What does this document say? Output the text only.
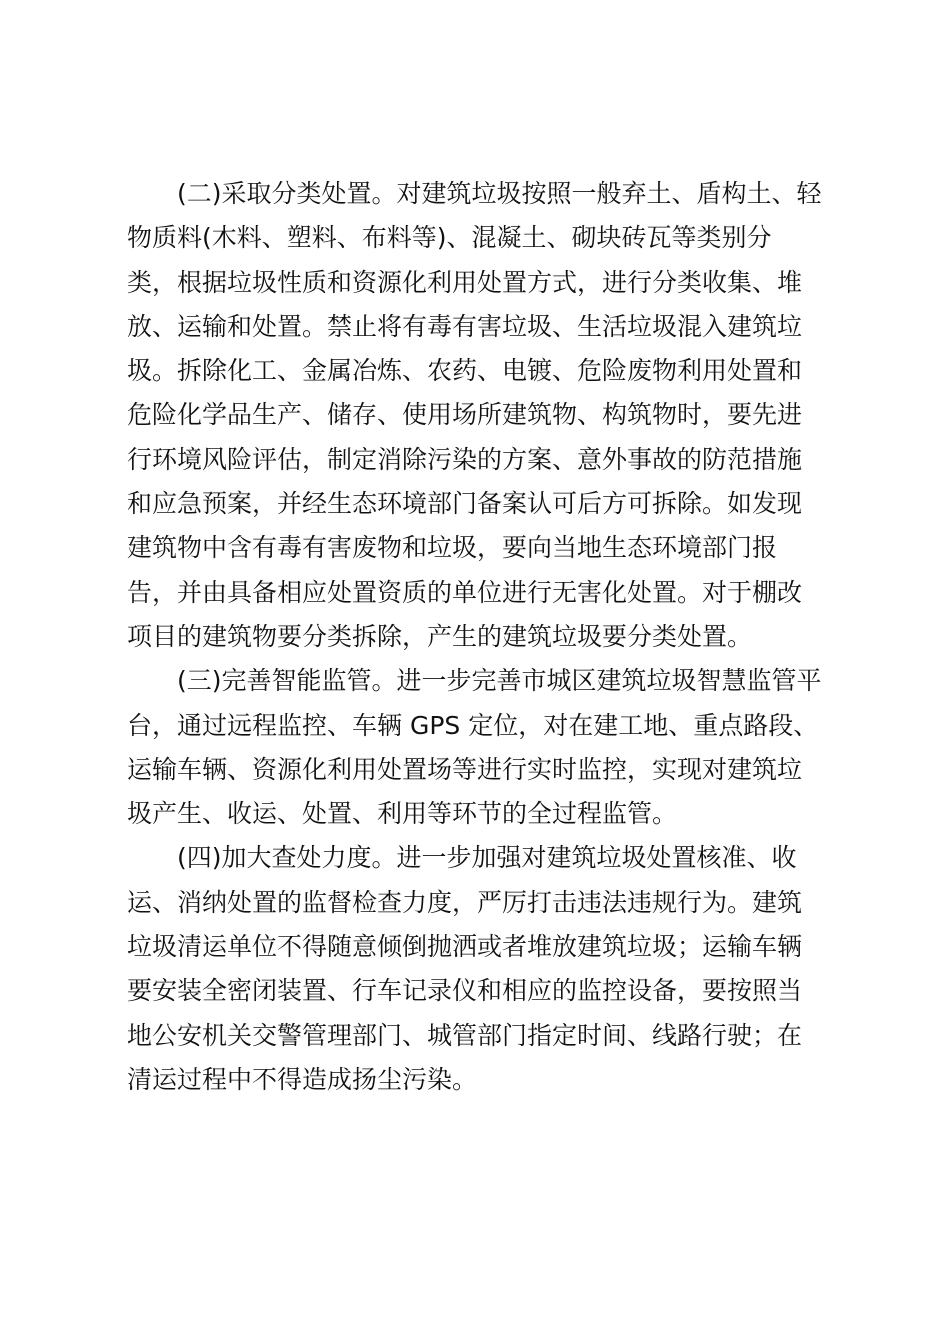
(二)采取分类处置。对建筑垃圾按照一般弃土、盾构土、轻
物质料(木料、塑料、布料等)、混凝土、砌块砖瓦等类别分
类，根据垃圾性质和资源化利用处置方式，进行分类收集、堆
放、运输和处置。禁止将有毒有害垃圾、生活垃圾混入建筑垃
圾。拆除化工、金属冶炼、农药、电镀、危险废物利用处置和
危险化学品生产、储存、使用场所建筑物、构筑物时，要先进
行环境风险评估，制定消除污染的方案、意外事故的防范措施
和应急预案，并经生态环境部门备案认可后方可拆除。如发现
建筑物中含有毒有害废物和垃圾，要向当地生态环境部门报
告，并由具备相应处置资质的单位进行无害化处置。对于棚改
项目的建筑物要分类拆除，产生的建筑垃圾要分类处置。
(三)完善智能监管。进一步完善市城区建筑垃圾智慧监管平
台，通过远程监控、车辆 GPS 定位，对在建工地、重点路段、
运输车辆、资源化利用处置场等进行实时监控，实现对建筑垃
圾产生、收运、处置、利用等环节的全过程监管。
(四)加大查处力度。进一步加强对建筑垃圾处置核准、收
运、消纳处置的监督检查力度，严厉打击违法违规行为。建筑
垃圾清运单位不得随意倾倒抛洒或者堆放建筑垃圾；运输车辆
要安装全密闭装置、行车记录仪和相应的监控设备，要按照当
地公安机关交警管理部门、城管部门指定时间、线路行驶；在
清运过程中不得造成扬尘污染。
